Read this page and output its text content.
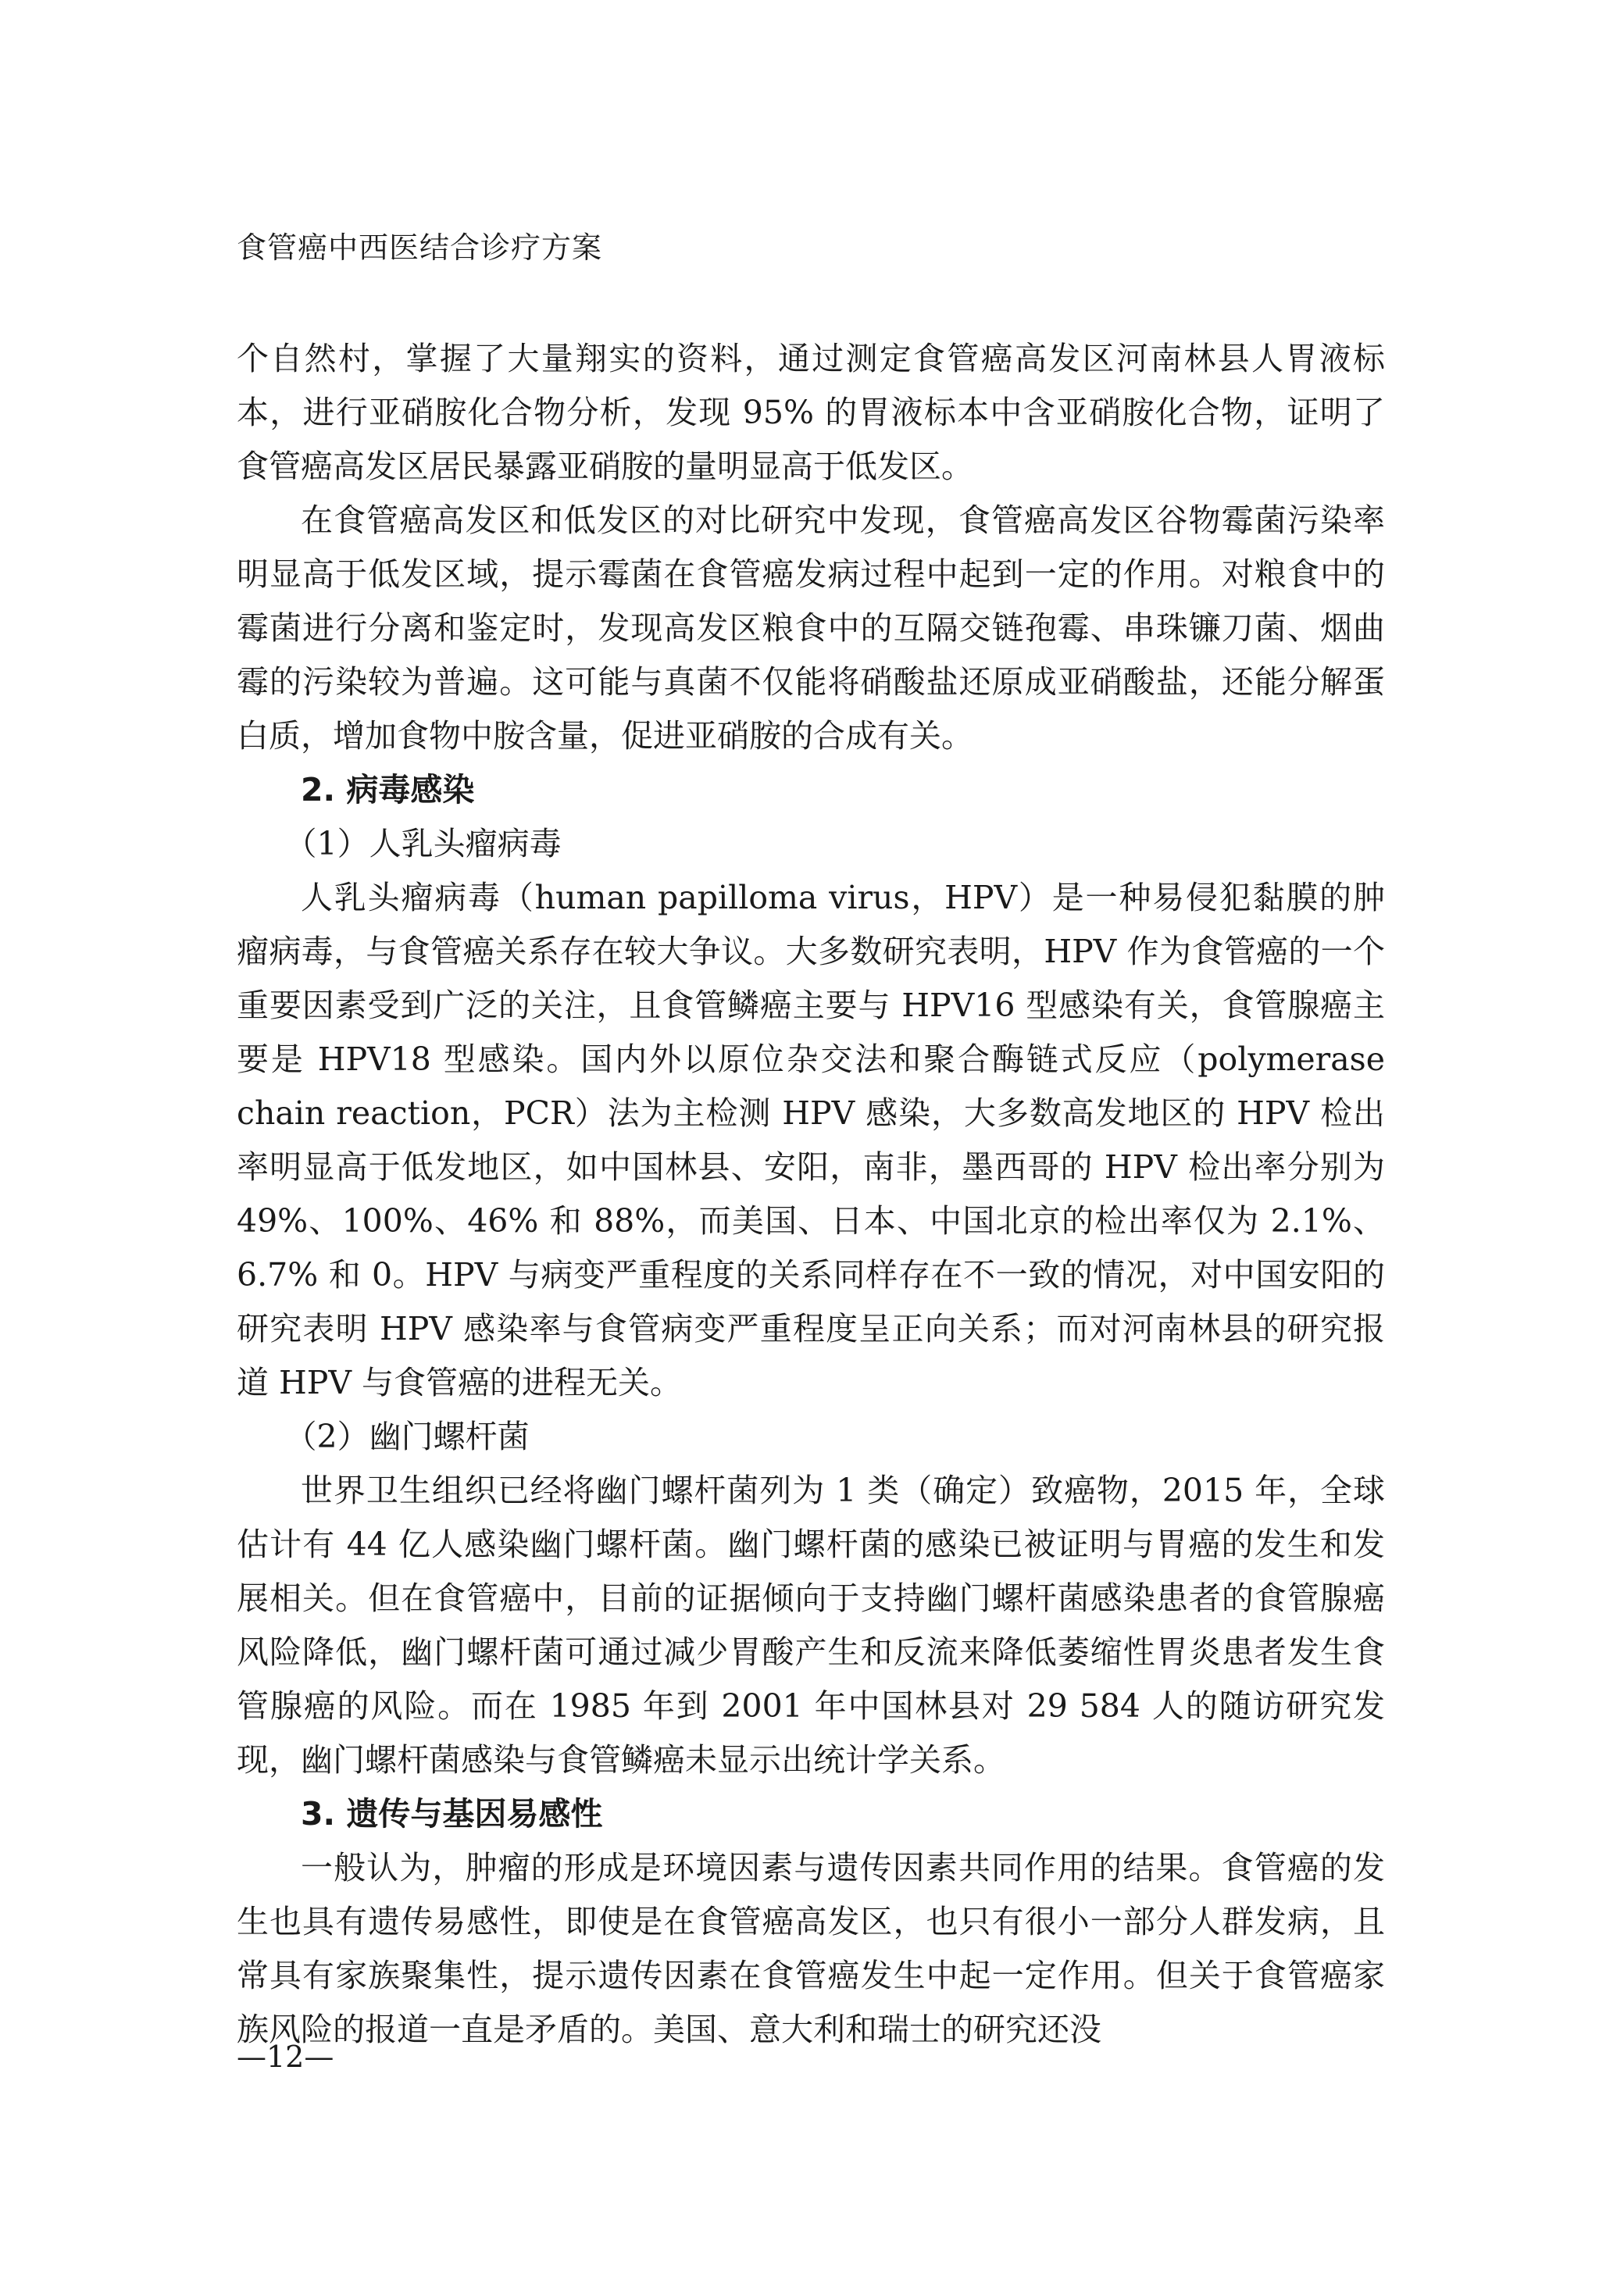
食管癌中西医结合诊疗方案

个自然村，掌握了大量翔实的资料，通过测定食管癌高发区河南林县人胃液标本，进行亚硝胺化合物分析，发现 95% 的胃液标本中含亚硝胺化合物，证明了食管癌高发区居民暴露亚硝胺的量明显高于低发区。

在食管癌高发区和低发区的对比研究中发现，食管癌高发区谷物霉菌污染率明显高于低发区域，提示霉菌在食管癌发病过程中起到一定的作用。对粮食中的霉菌进行分离和鉴定时，发现高发区粮食中的互隔交链孢霉、串珠镰刀菌、烟曲霉的污染较为普遍。这可能与真菌不仅能将硝酸盐还原成亚硝酸盐，还能分解蛋白质，增加食物中胺含量，促进亚硝胺的合成有关。

2. 病毒感染
（1）人乳头瘤病毒

人乳头瘤病毒（human papilloma virus，HPV）是一种易侵犯黏膜的肿瘤病毒，与食管癌关系存在较大争议。大多数研究表明，HPV 作为食管癌的一个重要因素受到广泛的关注，且食管鳞癌主要与 HPV16 型感染有关，食管腺癌主要是 HPV18 型感染。国内外以原位杂交法和聚合酶链式反应（polymerase chain reaction，PCR）法为主检测 HPV 感染，大多数高发地区的 HPV 检出率明显高于低发地区，如中国林县、安阳，南非，墨西哥的 HPV 检出率分别为 49%、100%、46% 和 88%，而美国、日本、中国北京的检出率仅为 2.1%、6.7% 和 0。HPV 与病变严重程度的关系同样存在不一致的情况，对中国安阳的研究表明 HPV 感染率与食管病变严重程度呈正向关系；而对河南林县的研究报道 HPV 与食管癌的进程无关。

（2）幽门螺杆菌

世界卫生组织已经将幽门螺杆菌列为 1 类（确定）致癌物，2015 年，全球估计有 44 亿人感染幽门螺杆菌。幽门螺杆菌的感染已被证明与胃癌的发生和发展相关。但在食管癌中，目前的证据倾向于支持幽门螺杆菌感染患者的食管腺癌风险降低，幽门螺杆菌可通过减少胃酸产生和反流来降低萎缩性胃炎患者发生食管腺癌的风险。而在 1985 年到 2001 年中国林县对 29 584 人的随访研究发现，幽门螺杆菌感染与食管鳞癌未显示出统计学关系。

3. 遗传与基因易感性

一般认为，肿瘤的形成是环境因素与遗传因素共同作用的结果。食管癌的发生也具有遗传易感性，即使是在食管癌高发区，也只有很小一部分人群发病，且常具有家族聚集性，提示遗传因素在食管癌发生中起一定作用。但关于食管癌家族风险的报道一直是矛盾的。美国、意大利和瑞士的研究还没

—12—
